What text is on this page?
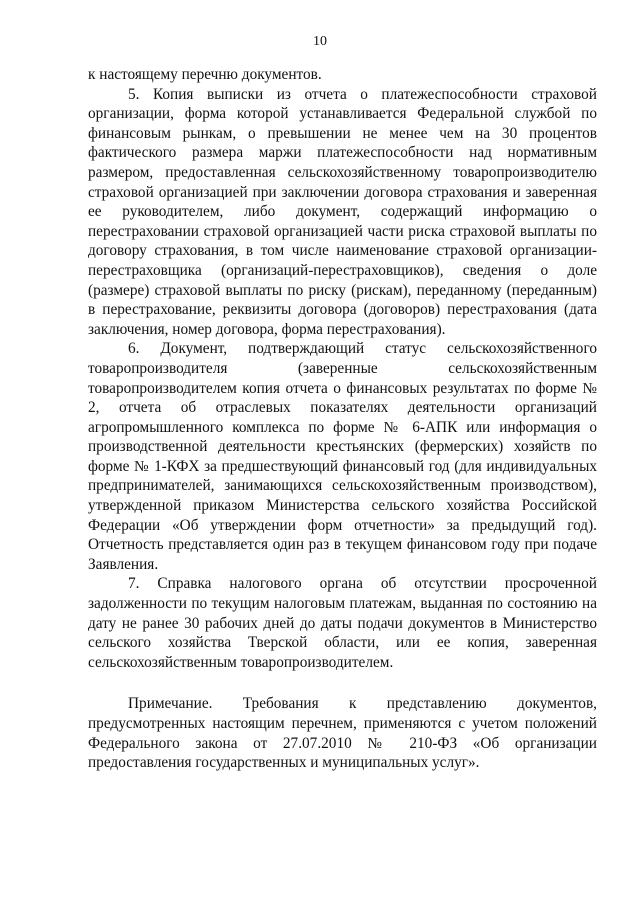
10

к настоящему перечню документов.

5. Копия выписки из отчета о платежеспособности страховой организации, форма которой устанавливается Федеральной службой по финансовым рынкам, о превышении не менее чем на 30 процентов фактического размера маржи платежеспособности над нормативным размером, предоставленная сельскохозяйственному товаропроизводителю страховой организацией при заключении договора страхования и заверенная ее руководителем, либо документ, содержащий информацию о перестраховании страховой организацией части риска страховой выплаты по договору страхования, в том числе наименование страховой организации-перестраховщика (организаций-перестраховщиков), сведения о доле (размере) страховой выплаты по риску (рискам), переданному (переданным) в перестрахование, реквизиты договора (договоров) перестрахования (дата заключения, номер договора, форма перестрахования).

6. Документ, подтверждающий статус сельскохозяйственного товаропроизводителя (заверенные сельскохозяйственным товаропроизводителем копия отчета о финансовых результатах по форме № 2, отчета об отраслевых показателях деятельности организаций агропромышленного комплекса по форме № 6-АПК или информация о производственной деятельности крестьянских (фермерских) хозяйств по форме № 1-КФХ за предшествующий финансовый год (для индивидуальных предпринимателей, занимающихся сельскохозяйственным производством), утвержденной приказом Министерства сельского хозяйства Российской Федерации «Об утверждении форм отчетности» за предыдущий год). Отчетность представляется один раз в текущем финансовом году при подаче Заявления.

7. Справка налогового органа об отсутствии просроченной задолженности по текущим налоговым платежам, выданная по состоянию на дату не ранее 30 рабочих дней до даты подачи документов в Министерство сельского хозяйства Тверской области, или ее копия, заверенная сельскохозяйственным товаропроизводителем.

Примечание. Требования к представлению документов, предусмотренных настоящим перечнем, применяются с учетом положений Федерального закона от 27.07.2010 № 210-ФЗ «Об организации предоставления государственных и муниципальных услуг».
